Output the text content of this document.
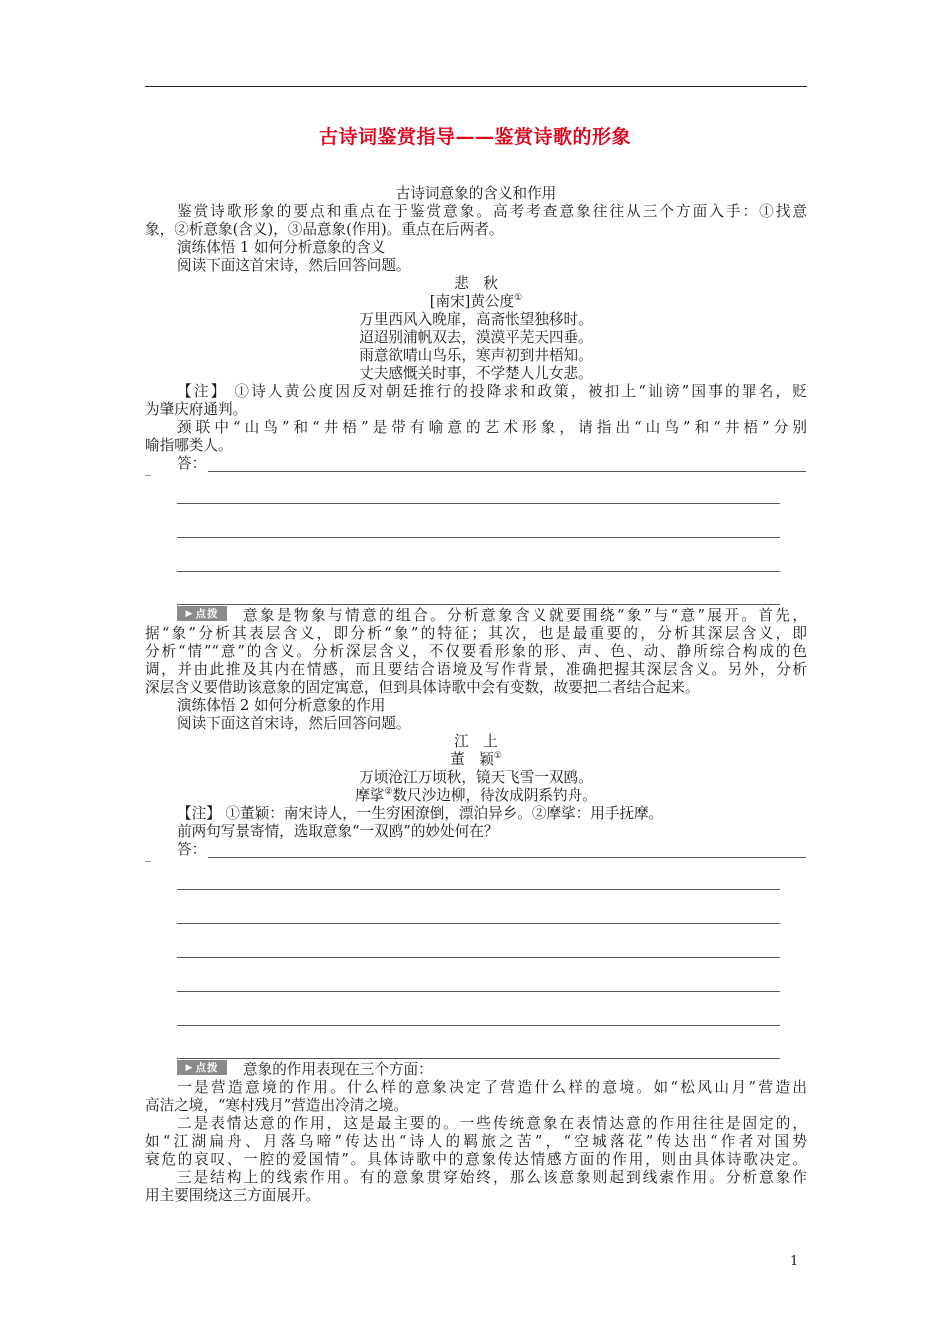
古诗词鉴赏指导——鉴赏诗歌的形象
古诗词意象的含义和作用
鉴赏诗歌形象的要点和重点在于鉴赏意象。高考考查意象往往从三个方面入手：①找意
象，②析意象(含义)，③品意象(作用)。重点在后两者。
演练体悟 1 如何分析意象的含义
阅读下面这首宋诗，然后回答问题。
悲　秋
[南宋]黄公度①
万里西风入晚扉，高斋怅望独移时。
迢迢别浦帆双去，漠漠平芜天四垂。
雨意欲晴山鸟乐，寒声初到井梧知。
丈夫感慨关时事，不学楚人儿女悲。
【注】 ①诗人黄公度因反对朝廷推行的投降求和政策，被扣上“讪谤”国事的罪名，贬
为肇庆府通判。
颈联中“山鸟”和“井梧”是带有喻意的艺术形象，请指出“山鸟”和“井梧”分别
喻指哪类人。
答：
_
▶ 点拨 意象是物象与情意的组合。分析意象含义就要围绕“象”与“意”展开。首先，
据“象”分析其表层含义，即分析“象”的特征；其次，也是最重要的，分析其深层含义，即
分析“情”“意”的含义。分析深层含义，不仅要看形象的形、声、色、动、静所综合构成的色
调，并由此推及其内在情感，而且要结合语境及写作背景，准确把握其深层含义。另外，分析
深层含义要借助该意象的固定寓意，但到具体诗歌中会有变数，故要把二者结合起来。
演练体悟 2 如何分析意象的作用
阅读下面这首宋诗，然后回答问题。
江　上
董　颖①
万顷沧江万顷秋，镜天飞雪一双鸥。
摩挲②数尺沙边柳，待汝成阴系钓舟。
【注】 ①董颖：南宋诗人，一生穷困潦倒，漂泊异乡。②摩挲：用手抚摩。
前两句写景寄情，选取意象“一双鸥”的妙处何在？
答：
_
▶ 点拨 意象的作用表现在三个方面：
一是营造意境的作用。什么样的意象决定了营造什么样的意境。如“松风山月”营造出
高洁之境，“寒村残月”营造出冷清之境。
二是表情达意的作用，这是最主要的。一些传统意象在表情达意的作用往往是固定的，
如“江湖扁舟、月落乌啼”传达出“诗人的羁旅之苦”，“空城落花”传达出“作者对国势
衰危的哀叹、一腔的爱国情”。具体诗歌中的意象传达情感方面的作用，则由具体诗歌决定。
三是结构上的线索作用。有的意象贯穿始终，那么该意象则起到线索作用。分析意象作
用主要围绕这三方面展开。
1
